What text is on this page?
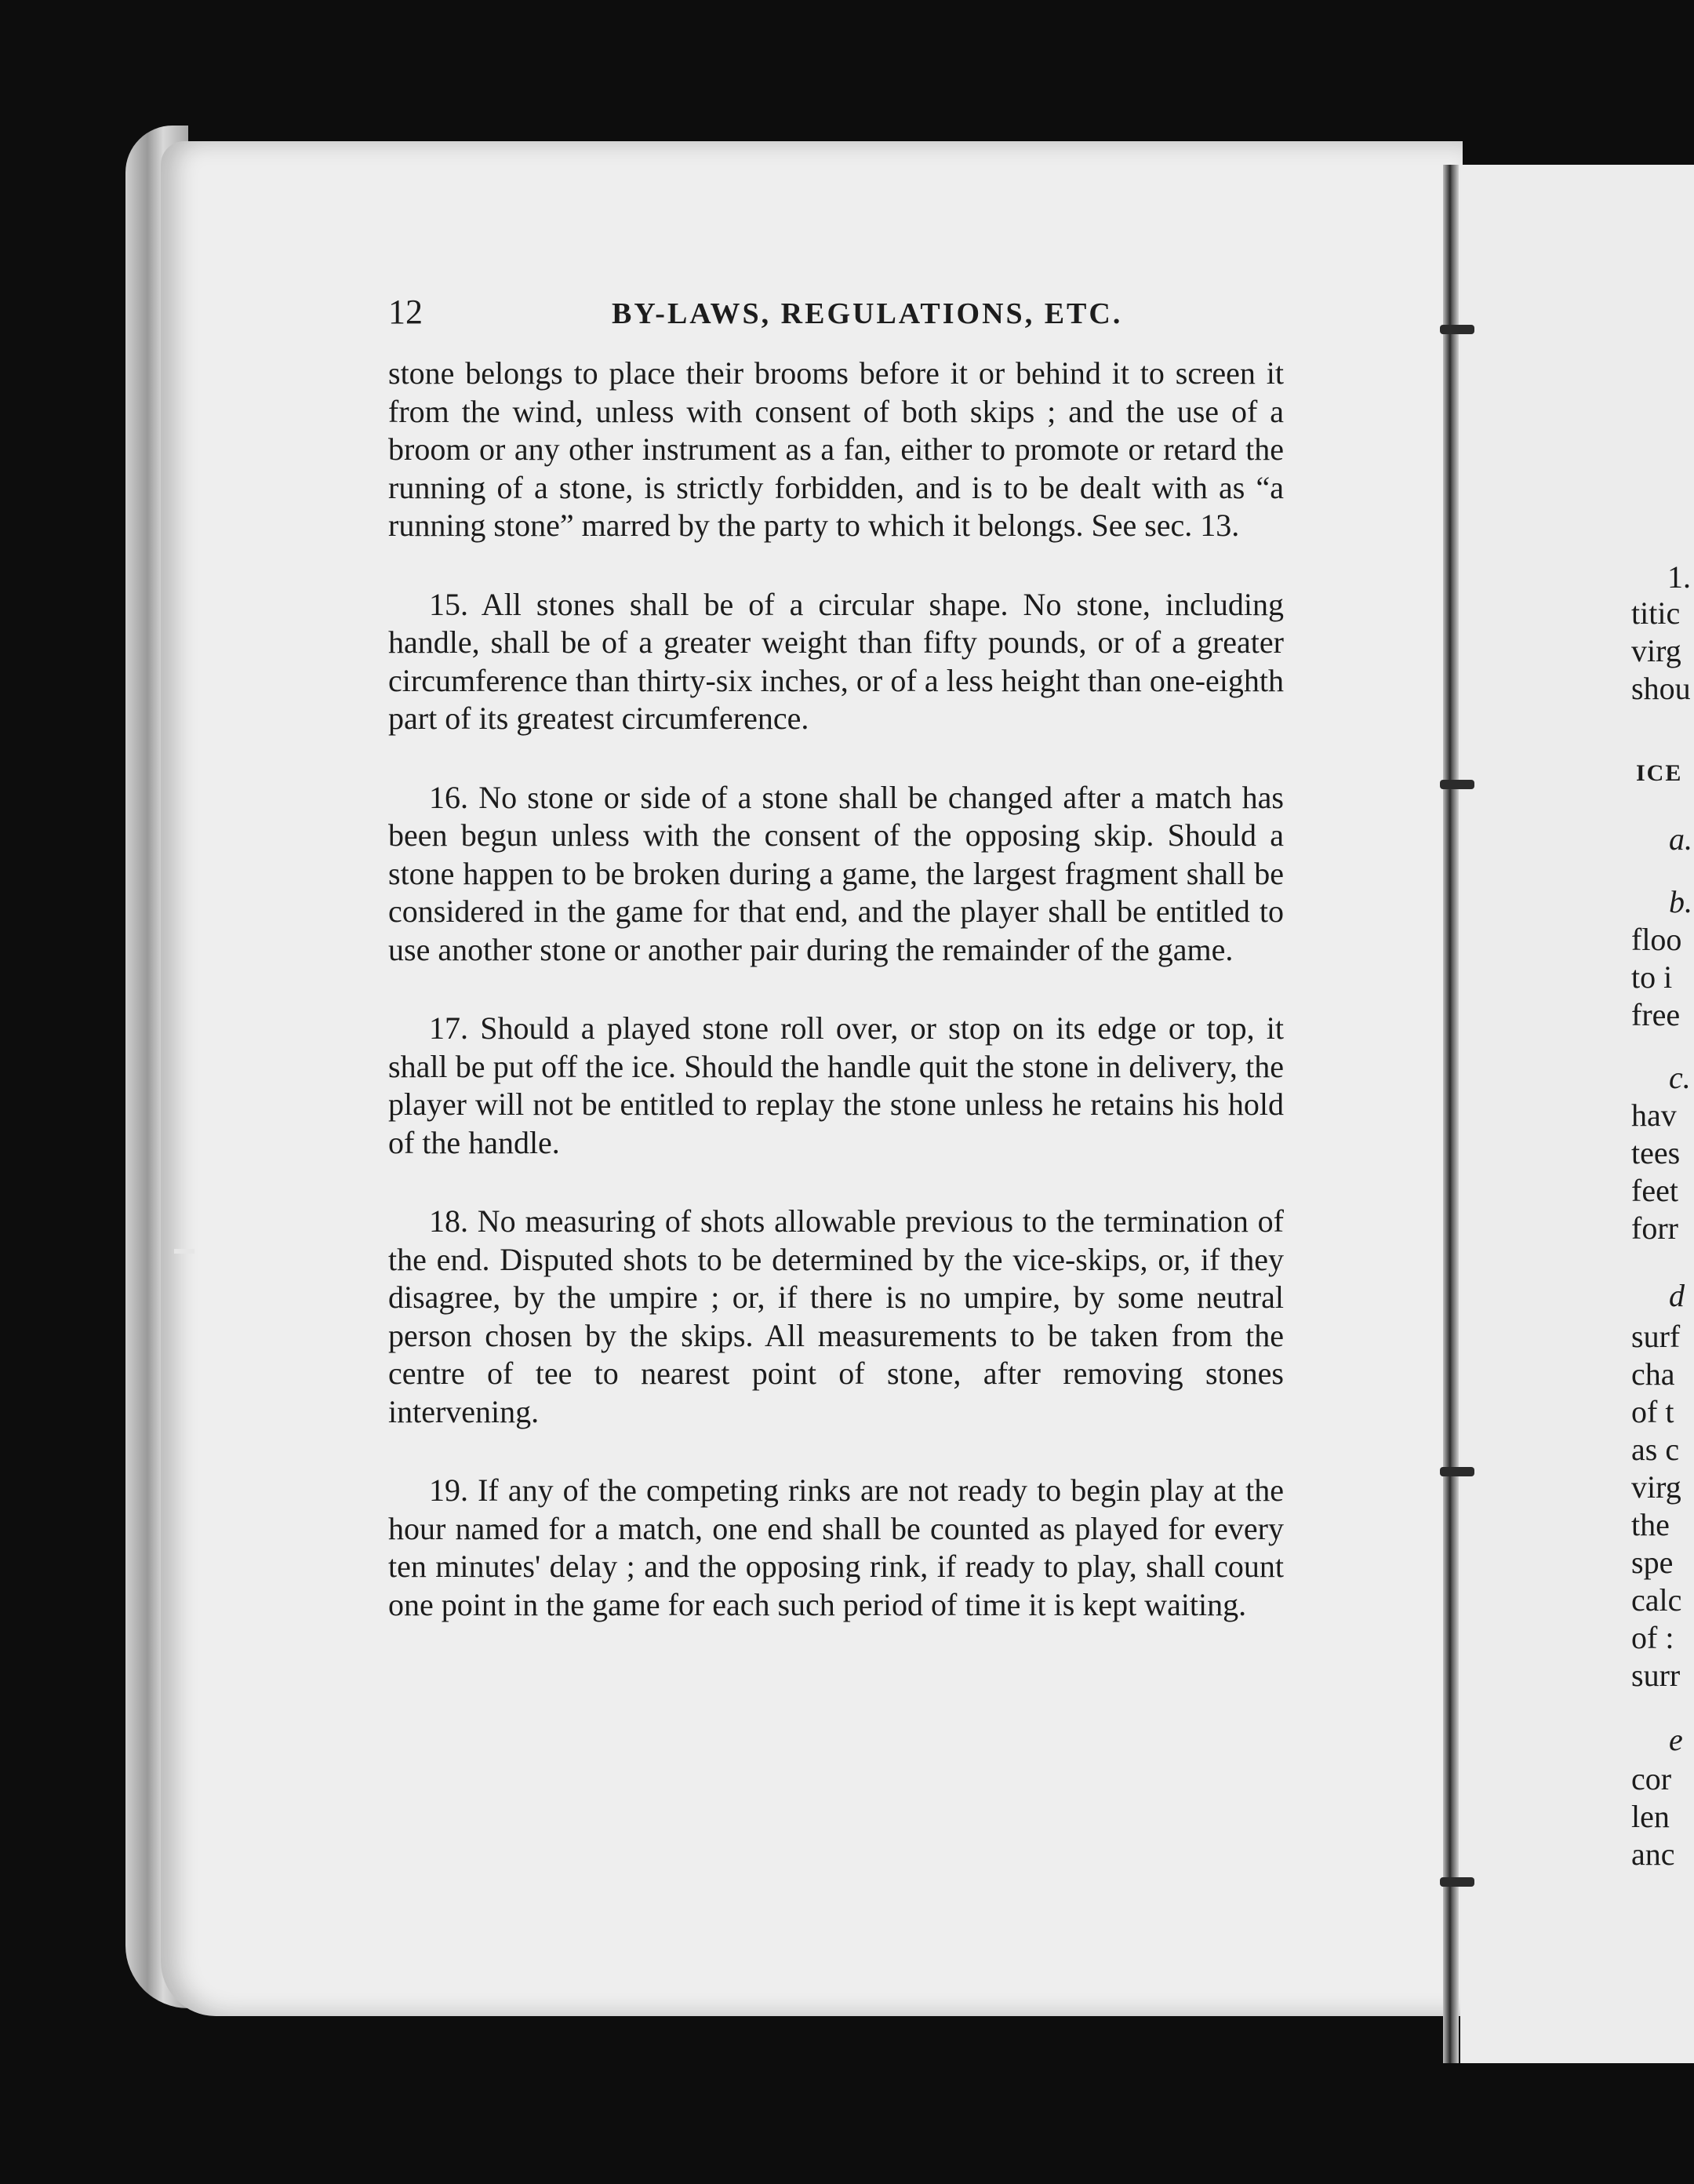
12	BY-LAWS, REGULATIONS, ETC.

stone belongs to place their brooms before it or behind it to screen it from the wind, unless with consent of both skips ; and the use of a broom or any other instrument as a fan, either to promote or retard the running of a stone, is strictly forbidden, and is to be dealt with as “a running stone” marred by the party to which it belongs. See sec. 13.

15. All stones shall be of a circular shape. No stone, including handle, shall be of a greater weight than fifty pounds, or of a greater circumference than thirty-six inches, or of a less height than one-eighth part of its greatest circumference.

16. No stone or side of a stone shall be changed after a match has been begun unless with the consent of the opposing skip. Should a stone happen to be broken during a game, the largest fragment shall be considered in the game for that end, and the player shall be entitled to use another stone or another pair during the remainder of the game.

17. Should a played stone roll over, or stop on its edge or top, it shall be put off the ice. Should the handle quit the stone in delivery, the player will not be entitled to replay the stone unless he retains his hold of the handle.

18. No measuring of shots allowable previous to the termination of the end. Disputed shots to be determined by the vice-skips, or, if they disagree, by the umpire ; or, if there is no umpire, by some neutral person chosen by the skips. All measurements to be taken from the centre of tee to nearest point of stone, after removing stones intervening.

19. If any of the competing rinks are not ready to begin play at the hour named for a match, one end shall be counted as played for every ten minutes' delay ; and the opposing rink, if ready to play, shall count one point in the game for each such period of time it is kept waiting.

1.
titic
virg
shou
ICE
a.
b.
floo
to i
free
c.
hav
tees
feet
forr
d
surf
cha
of t
as c
virg
the
spe
calc
of :
surr
e
cor
len
anc
